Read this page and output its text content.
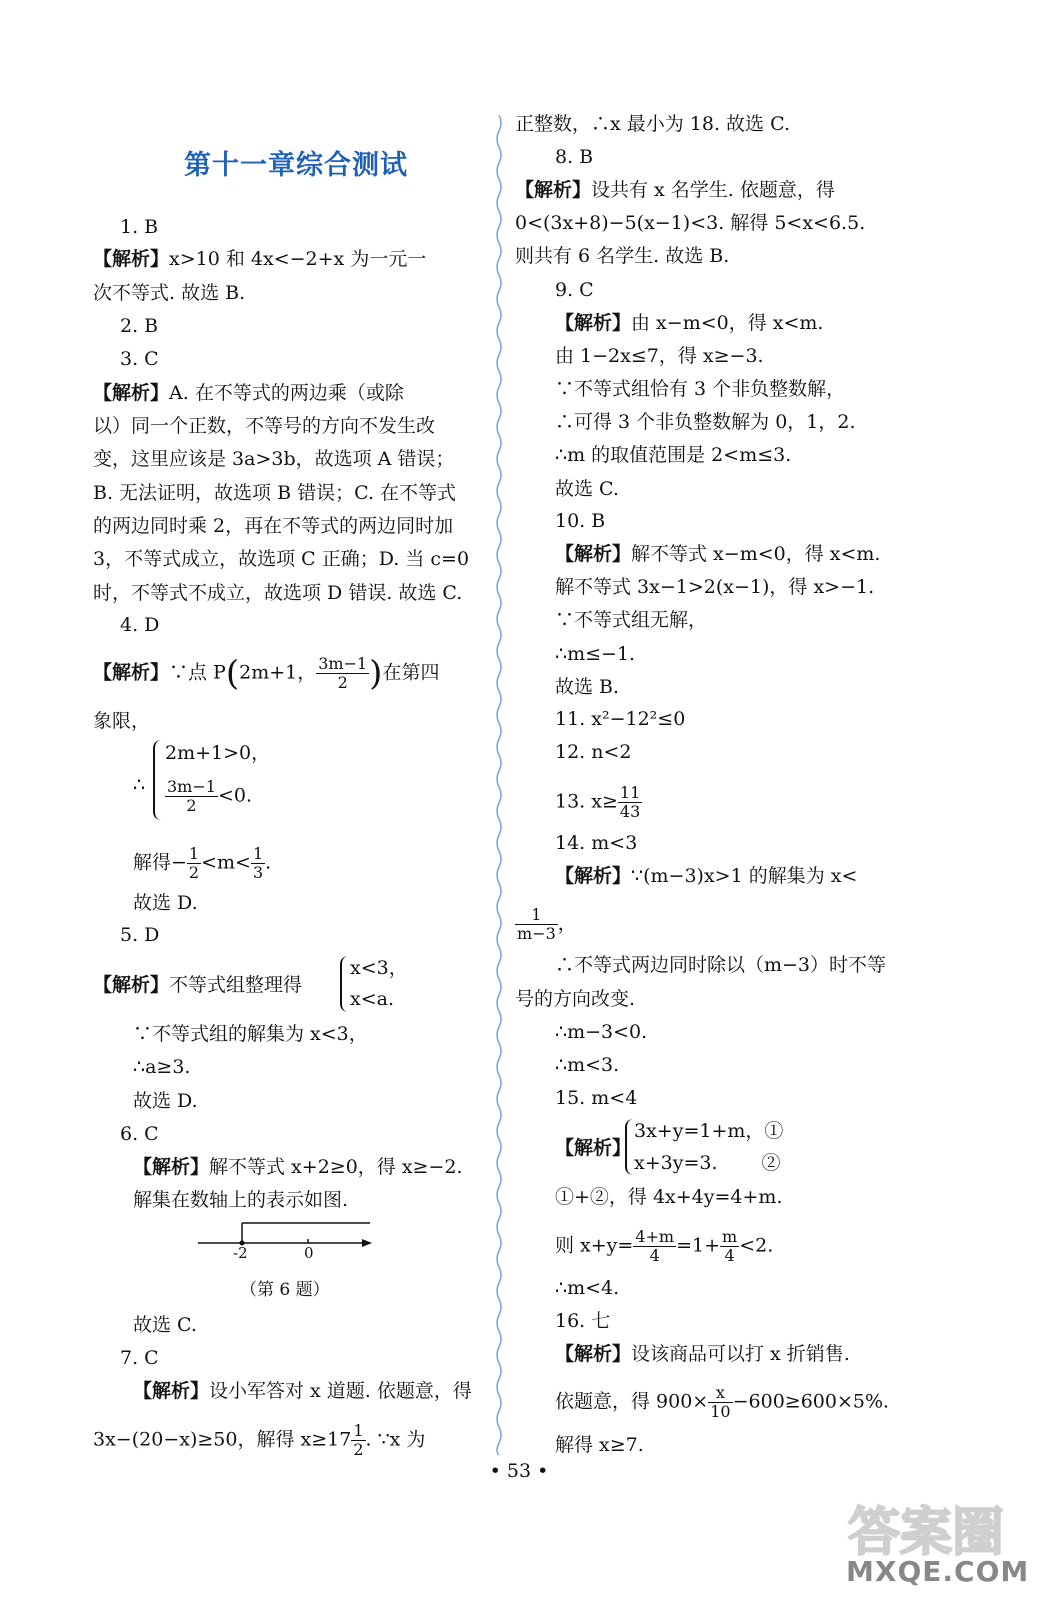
第十一章综合测试
1. B
【解析】x>10 和 4x<−2+x 为一元一
次不等式. 故选 B.
2. B
3. C
【解析】A. 在不等式的两边乘（或除
以）同一个正数，不等号的方向不发生改
变，这里应该是 3a>3b，故选项 A 错误；
B. 无法证明，故选项 B 错误；C. 在不等式
的两边同时乘 2，再在不等式的两边同时加
3，不等式成立，故选项 C 正确；D. 当 c=0
时，不等式不成立，故选项 D 错误. 故选 C.
4. D
【解析】∵点 P(2m+1， $\frac{3m-1}{2}$ )在第四
象限，
∴
2m+1>0，
$\frac{3m-1}{2} <0$.
解得− $\frac{1}{2} <m< \frac{1}{3}$ .
故选 D.
5. D
【解析】不等式组整理得
x<3，
x<a.
∵不等式组的解集为 x<3，
∴a≥3.
故选 D.
6. C
【解析】解不等式 x+2≥0，得 x≥−2.
解集在数轴上的表示如图.
-2	0
（第 6 题）
故选 C.
7. C
【解析】设小军答对 x 道题. 依题意，得
3x−(20−x)≥50，解得 $x\ge 17 \frac{1}{2}$ . ∵x 为
正整数，∴x 最小为 18. 故选 C.
8. B
【解析】设共有 x 名学生. 依题意，得
0<(3x+8)−5(x−1)<3. 解得 5<x<6.5.
则共有 6 名学生. 故选 B.
9. C
【解析】由 x−m<0，得 x<m.
由 1−2x≤7，得 x≥−3.
∵不等式组恰有 3 个非负整数解，
∴可得 3 个非负整数解为 0，1，2.
∴m 的取值范围是 2<m≤3.
故选 C.
10. B
【解析】解不等式 x−m<0，得 x<m.
解不等式 3x−1>2(x−1)，得 x>−1.
∵不等式组无解，
∴m≤−1.
故选 B.
11. x²−12²≤0
12. n<2
13. $x\ge \frac{11}{43}$
14. m<3
【解析】∵(m−3)x>1 的解集为 x<
$\frac{1}{m-3}$ ，
∴不等式两边同时除以（m−3）时不等
号的方向改变.
∴m−3<0.
∴m<3.
15. m<4
【解析】
3x+y=1+m，①
x+3y=3.　　 ②
①+②，得 4x+4y=4+m.
则 $x+y= \frac{4+m}{4} =1+ \frac{m}{4} <2$.
∴m<4.
16. 七
【解析】设该商品可以打 x 折销售.
依题意，得 $900\times \frac{x}{10} -600\ge 600\times 5\%$.
解得 x≥7.
• 53 •
答案圈
MXQE.COM
